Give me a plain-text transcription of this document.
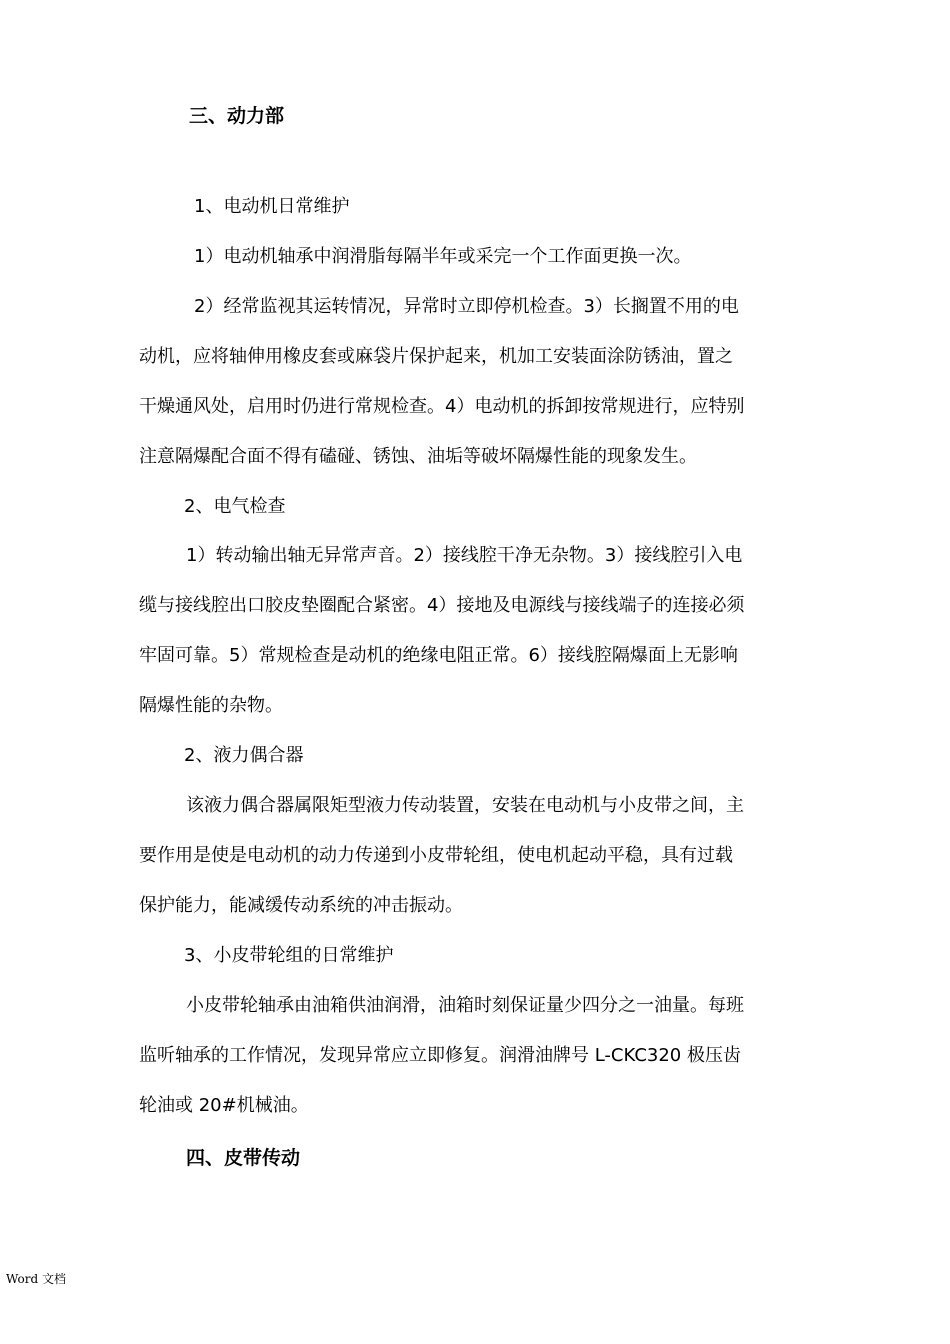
三、动力部
1、电动机日常维护
1）电动机轴承中润滑脂每隔半年或采完一个工作面更换一次。
2）经常监视其运转情况，异常时立即停机检查。3）长搁置不用的电
动机，应将轴伸用橡皮套或麻袋片保护起来，机加工安装面涂防锈油，置之
干燥通风处，启用时仍进行常规检查。4）电动机的拆卸按常规进行，应特别
注意隔爆配合面不得有磕碰、锈蚀、油垢等破坏隔爆性能的现象发生。
2、电气检查
1）转动输出轴无异常声音。2）接线腔干净无杂物。3）接线腔引入电
缆与接线腔出口胶皮垫圈配合紧密。4）接地及电源线与接线端子的连接必须
牢固可靠。5）常规检查是动机的绝缘电阻正常。6）接线腔隔爆面上无影响
隔爆性能的杂物。
2、液力偶合器
该液力偶合器属限矩型液力传动装置，安装在电动机与小皮带之间，主
要作用是使是电动机的动力传递到小皮带轮组，使电机起动平稳，具有过载
保护能力，能减缓传动系统的冲击振动。
3、小皮带轮组的日常维护
小皮带轮轴承由油箱供油润滑，油箱时刻保证量少四分之一油量。每班
监听轴承的工作情况，发现异常应立即修复。润滑油牌号 L-CKC320 极压齿
轮油或 20#机械油。
四、皮带传动
Word 文档
